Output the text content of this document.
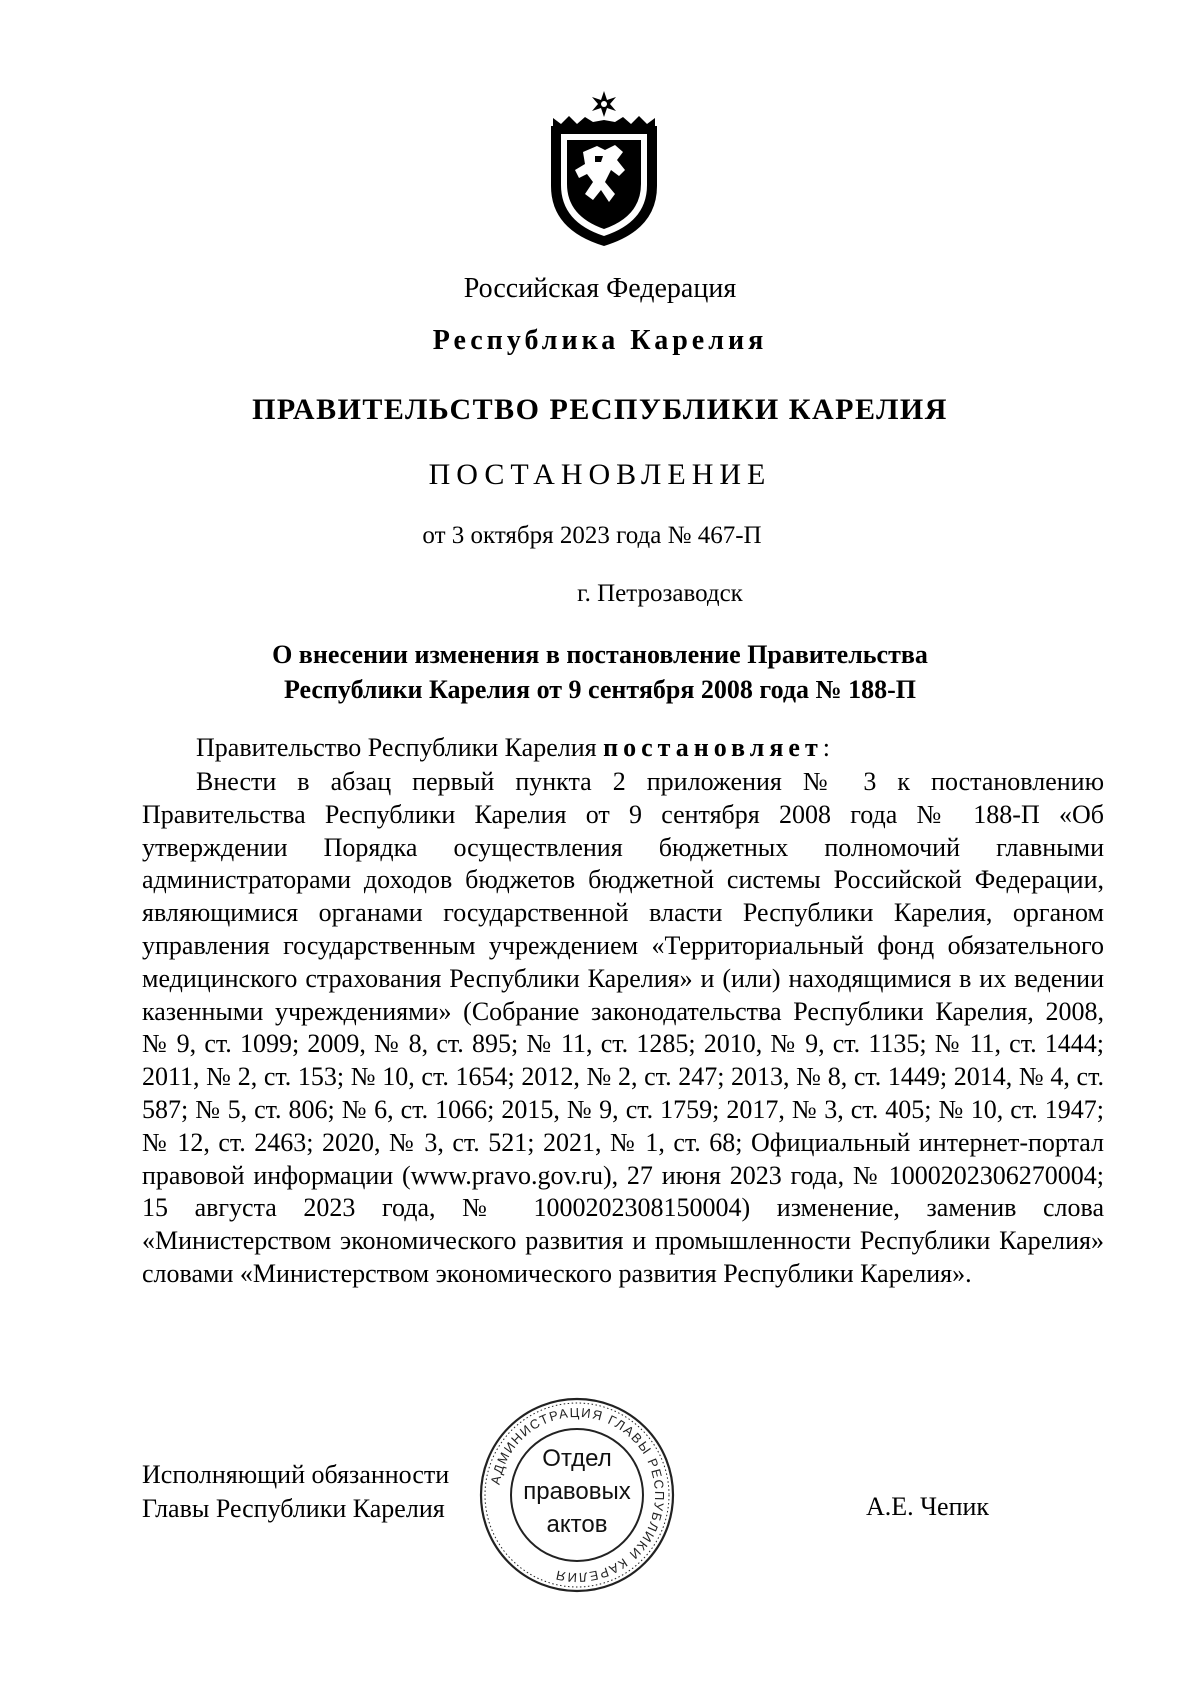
Российская Федерация
Республика Карелия
ПРАВИТЕЛЬСТВО РЕСПУБЛИКИ КАРЕЛИЯ
ПОСТАНОВЛЕНИЕ
от 3 октября 2023 года № 467-П
г. Петрозаводск
О внесении изменения в постановление Правительства
Республики Карелия от 9 сентября 2008 года № 188-П
Правительство Республики Карелия постановляет:
Внести в абзац первый пункта 2 приложения № 3 к постановлению Правительства Республики Карелия от 9 сентября 2008 года № 188-П «Об утверждении Порядка осуществления бюджетных полномочий главными администраторами доходов бюджетов бюджетной системы Российской Федерации, являющимися органами государственной власти Республики Карелия, органом управления государственным учреждением «Территориальный фонд обязательного медицинского страхования Республики Карелия» и (или) находящимися в их ведении казенными учреждениями» (Собрание законодательства Республики Карелия, 2008, № 9, ст. 1099; 2009, № 8, ст. 895; № 11, ст. 1285; 2010, № 9, ст. 1135; № 11, ст. 1444; 2011, № 2, ст. 153; № 10, ст. 1654; 2012, № 2, ст. 247; 2013, № 8, ст. 1449; 2014, № 4, ст. 587; № 5, ст. 806; № 6, ст. 1066; 2015, № 9, ст. 1759; 2017, № 3, ст. 405; № 10, ст. 1947; № 12, ст. 2463; 2020, № 3, ст. 521; 2021, № 1, ст. 68; Официальный интернет-портал правовой информации (www.pravo.gov.ru), 27 июня 2023 года, № 1000202306270004; 15 августа 2023 года, № 1000202308150004) изменение, заменив слова «Министерством экономического развития и промышленности Республики Карелия» словами «Министерством экономического развития Республики Карелия».
Исполняющий обязанности
Главы Республики Карелия	А.Е. Чепик
АДМИНИСТРАЦИЯ ГЛАВЫ РЕСПУБЛИКИ КАРЕЛИЯ
Отдел
правовых
актов
